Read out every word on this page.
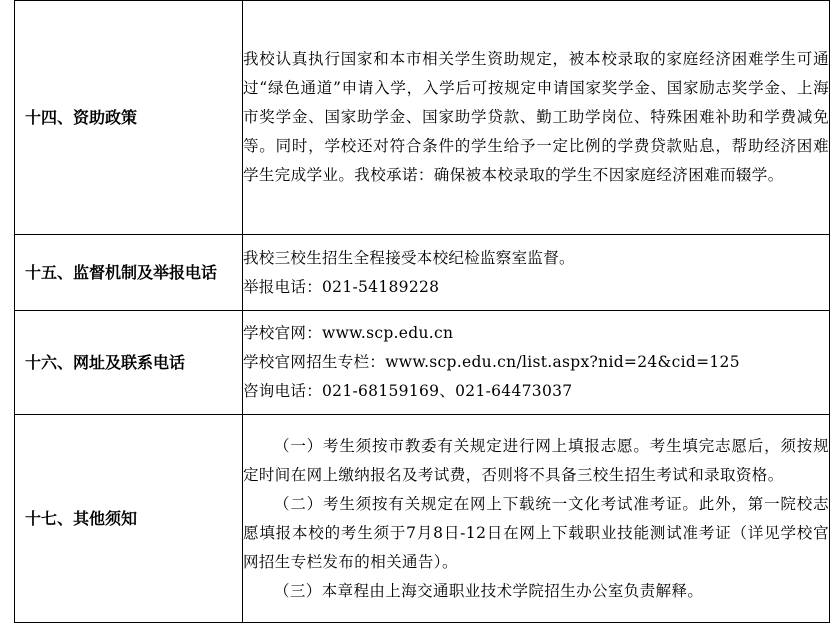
十四、资助政策	我校认真执行国家和本市相关学生资助规定，被本校录取的家庭经济困难学生可通过“绿色通道”申请入学，入学后可按规定申请国家奖学金、国家励志奖学金、上海市奖学金、国家助学金、国家助学贷款、勤工助学岗位、特殊困难补助和学费减免等。同时，学校还对符合条件的学生给予一定比例的学费贷款贴息，帮助经济困难学生完成学业。我校承诺：确保被本校录取的学生不因家庭经济困难而辍学。

十五、监督机制及举报电话	我校三校生招生全程接受本校纪检监察室监督。
举报电话：021-54189228

十六、网址及联系电话	学校官网：www.scp.edu.cn
学校官网招生专栏：www.scp.edu.cn/list.aspx?nid=24&cid=125
咨询电话：021-68159169、021-64473037

十七、其他须知	（一）考生须按市教委有关规定进行网上填报志愿。考生填完志愿后，须按规定时间在网上缴纳报名及考试费，否则将不具备三校生招生考试和录取资格。

（二）考生须按有关规定在网上下载统一文化考试准考证。此外，第一院校志愿填报本校的考生须于7月8日-12日在网上下载职业技能测试准考证（详见学校官网招生专栏发布的相关通告）。

（三）本章程由上海交通职业技术学院招生办公室负责解释。
